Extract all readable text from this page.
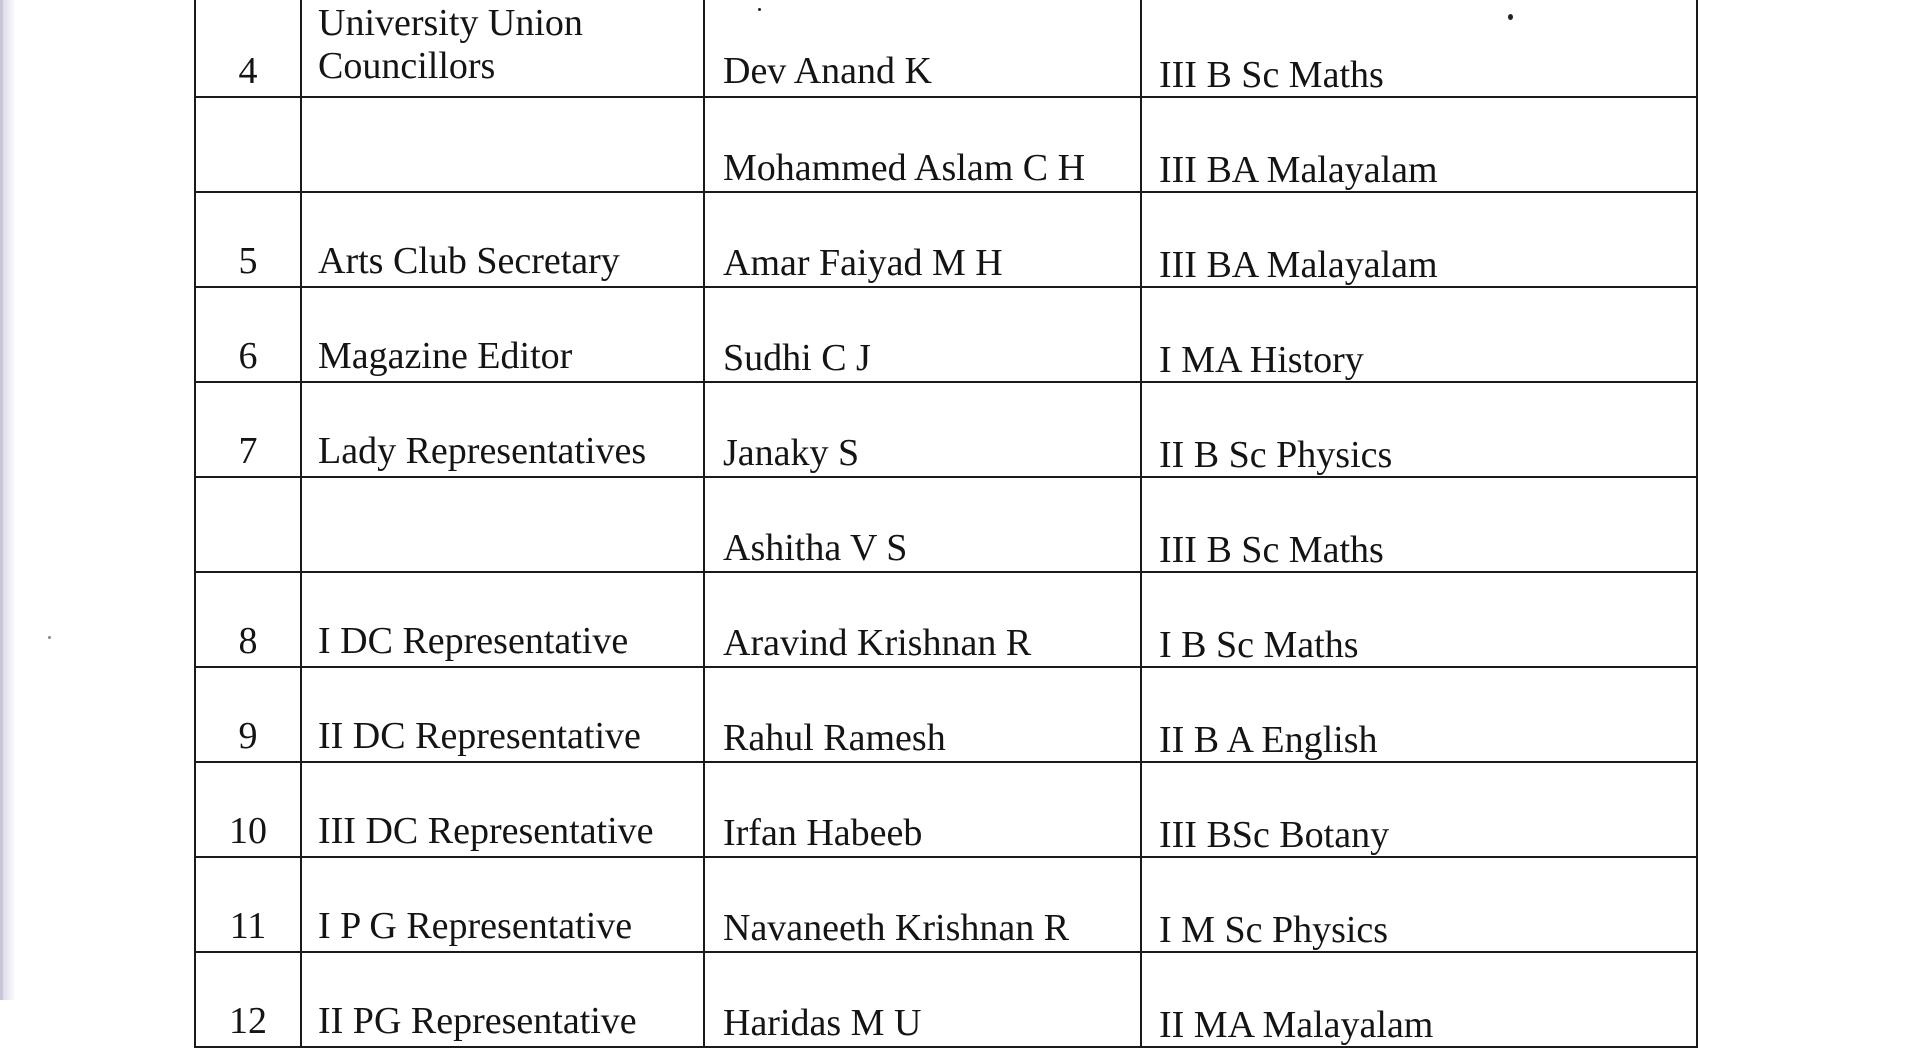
4	University Union Councillors	Dev Anand K	III B Sc Maths
		Mohammed Aslam C H	III BA Malayalam
5	Arts Club Secretary	Amar Faiyad M H	III BA Malayalam
6	Magazine Editor	Sudhi C J	I MA History
7	Lady Representatives	Janaky S	II B Sc Physics
		Ashitha V S	III B Sc Maths
8	I DC Representative	Aravind Krishnan R	I B Sc Maths
9	II DC Representative	Rahul Ramesh	II B A English
10	III DC Representative	Irfan Habeeb	III BSc Botany
11	I P G Representative	Navaneeth Krishnan R	I M Sc Physics
12	II PG Representative	Haridas M U	II MA Malayalam
